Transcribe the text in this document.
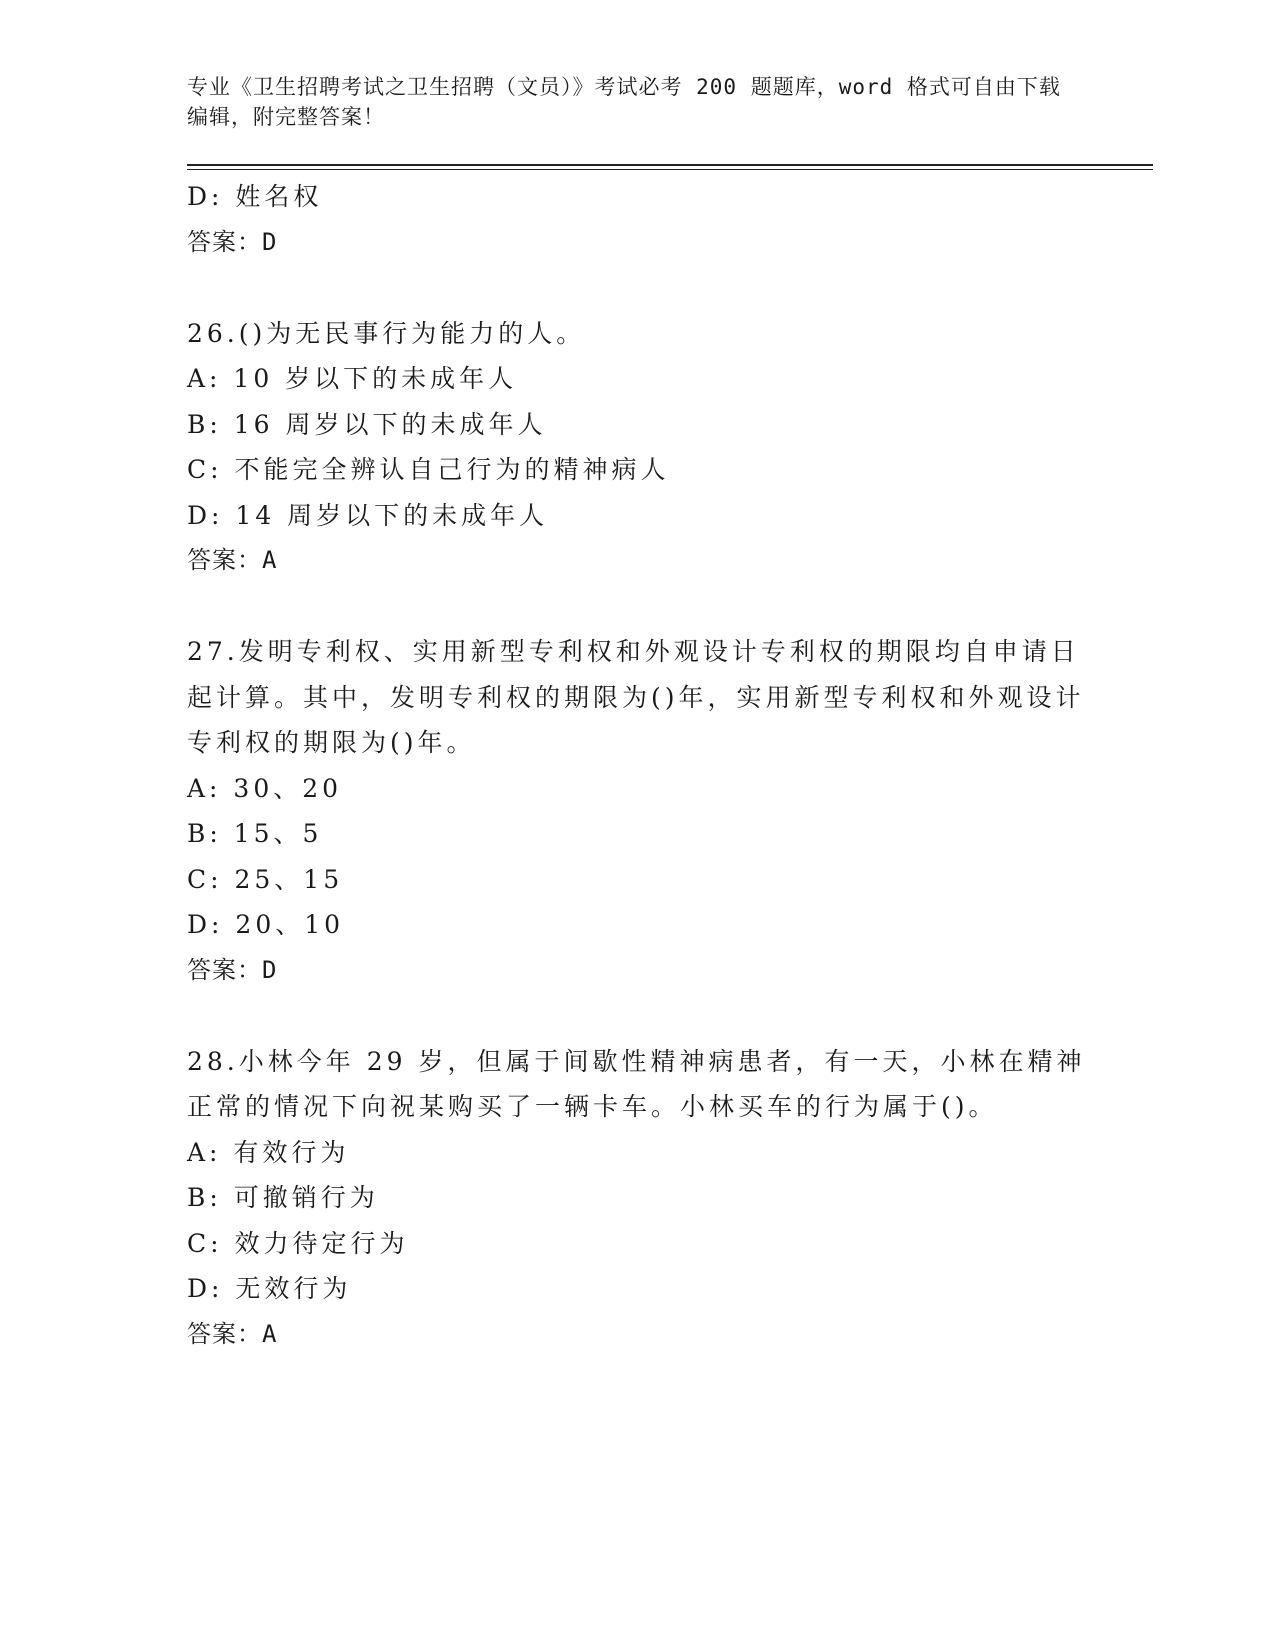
专业《卫生招聘考试之卫生招聘（文员）》考试必考 200 题题库，word 格式可自由下载编辑，附完整答案！

D: 姓名权
答案：D
26.()为无民事行为能力的人。
A: 10 岁以下的未成年人
B: 16 周岁以下的未成年人
C: 不能完全辨认自己行为的精神病人
D: 14 周岁以下的未成年人
答案：A
27.发明专利权、实用新型专利权和外观设计专利权的期限均自申请日起计算。其中，发明专利权的期限为()年，实用新型专利权和外观设计专利权的期限为()年。
A: 30、20
B: 15、5
C: 25、15
D: 20、10
答案：D
28.小林今年 29 岁，但属于间歇性精神病患者，有一天，小林在精神正常的情况下向祝某购买了一辆卡车。小林买车的行为属于()。
A: 有效行为
B: 可撤销行为
C: 效力待定行为
D: 无效行为
答案：A
